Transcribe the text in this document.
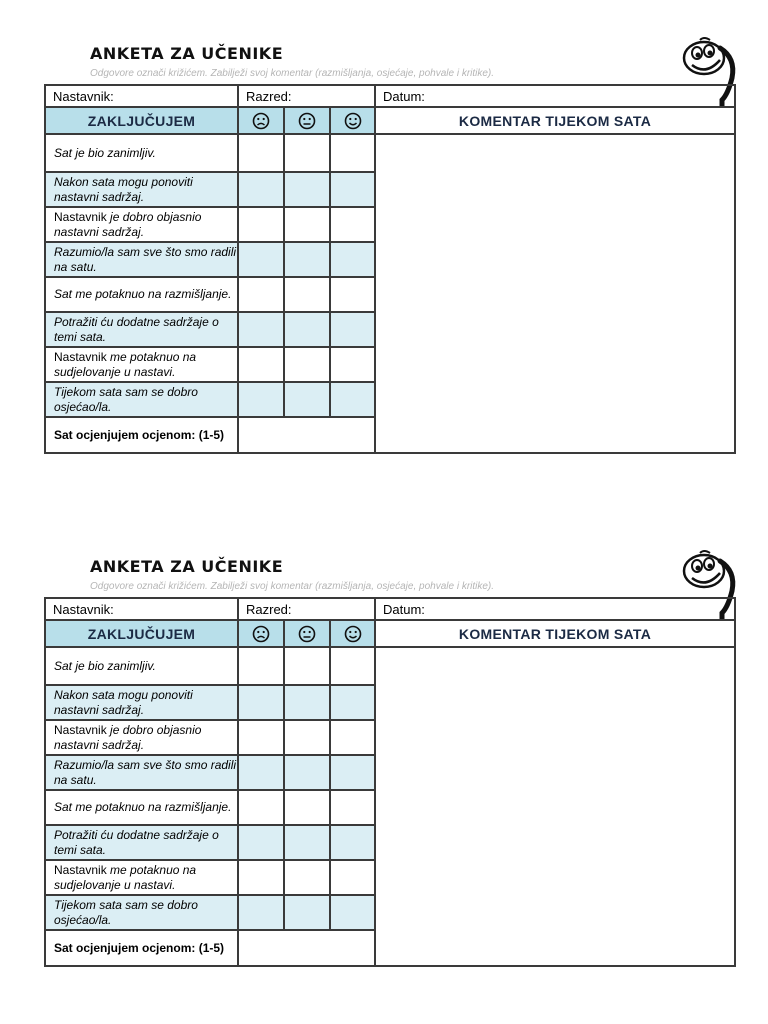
ANKETA ZA UČENIKE
Odgovore označi križićem. Zabilježi svoj komentar (razmišljanja, osjećaje, pohvale i kritike).
Nastavnik:	Razred:			Datum:
ZAKLJUČUJEM				KOMENTAR TIJEKOM SATA
Sat je bio zanimljiv.				
Nakon sata mogu ponoviti nastavni sadržaj.				
Nastavnik je dobro objasnio nastavni sadržaj.				
Razumio/la sam sve što smo radili na satu.				
Sat me potaknuo na razmišljanje.				
Potražiti ću dodatne sadržaje o temi sata.				
Nastavnik me potaknuo na sudjelovanje u nastavi.				
Tijekom sata sam se dobro osjećao/la.				
Sat ocjenjujem ocjenom: (1-5)				
ANKETA ZA UČENIKE
Odgovore označi križićem. Zabilježi svoj komentar (razmišljanja, osjećaje, pohvale i kritike).
Nastavnik:	Razred:			Datum:
ZAKLJUČUJEM				KOMENTAR TIJEKOM SATA
Sat je bio zanimljiv.				
Nakon sata mogu ponoviti nastavni sadržaj.				
Nastavnik je dobro objasnio nastavni sadržaj.				
Razumio/la sam sve što smo radili na satu.				
Sat me potaknuo na razmišljanje.				
Potražiti ću dodatne sadržaje o temi sata.				
Nastavnik me potaknuo na sudjelovanje u nastavi.				
Tijekom sata sam se dobro osjećao/la.				
Sat ocjenjujem ocjenom: (1-5)				
